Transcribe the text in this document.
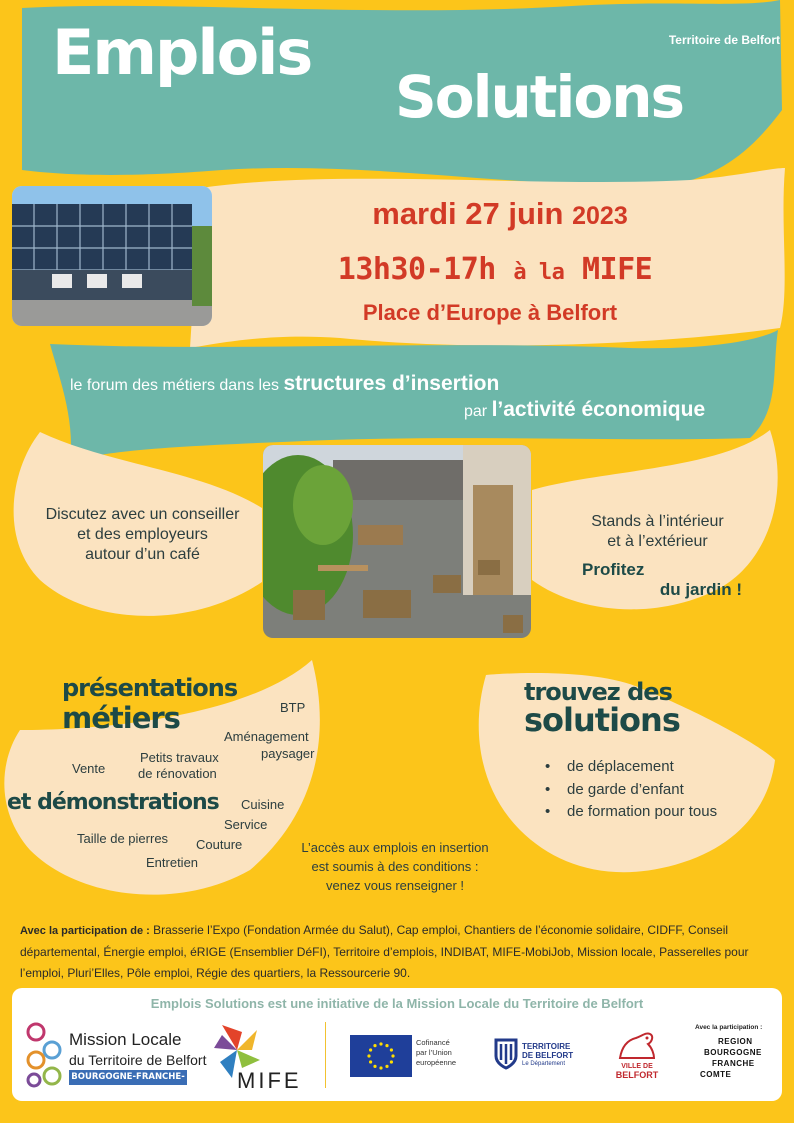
Territoire de Belfort
Emplois
Solutions
mardi 27 juin 2023
13h30-17h à la MIFE
Place d’Europe à Belfort
le forum des métiers dans les structures d’insertion
par l’activité économique
Discutez avec un conseiller
et des employeurs
autour d’un café
Stands à l’intérieur
et à l’extérieur
Profitez
du jardin !
présentations
métiers
et démonstrations
BTP
Aménagement
paysager
Petits travaux
de rénovation
Vente
Cuisine
Service
Taille de pierres Couture
Entretien
trouvez des
solutions
• de déplacement
• de garde d’enfant
• de formation pour tous
L’accès aux emplois en insertion
est soumis à des conditions :
venez vous renseigner !
Avec la participation de : Brasserie l’Expo (Fondation Armée du Salut), Cap emploi, Chantiers de l’économie solidaire, CIDFF, Conseil départemental, Énergie emploi, éRIGE (Ensemblier DéFI), Territoire d’emplois, INDIBAT, MIFE-MobiJob, Mission locale, Passerelles pour l’emploi, Pluri’Elles, Pôle emploi, Régie des quartiers, la Ressourcerie 90.
Emplois Solutions est une initiative de la Mission Locale du Territoire de Belfort
Mission Locale
du Territoire de Belfort
BOURGOGNE-FRANCHE-COMTE	MIFE
Cofinancé
par l’Union
européenne
TERRITOIRE
DE BELFORT
Le Département	VILLE DE
BELFORT
Avec la participation :
REGION
BOURGOGNE
FRANCHE
COMTE
